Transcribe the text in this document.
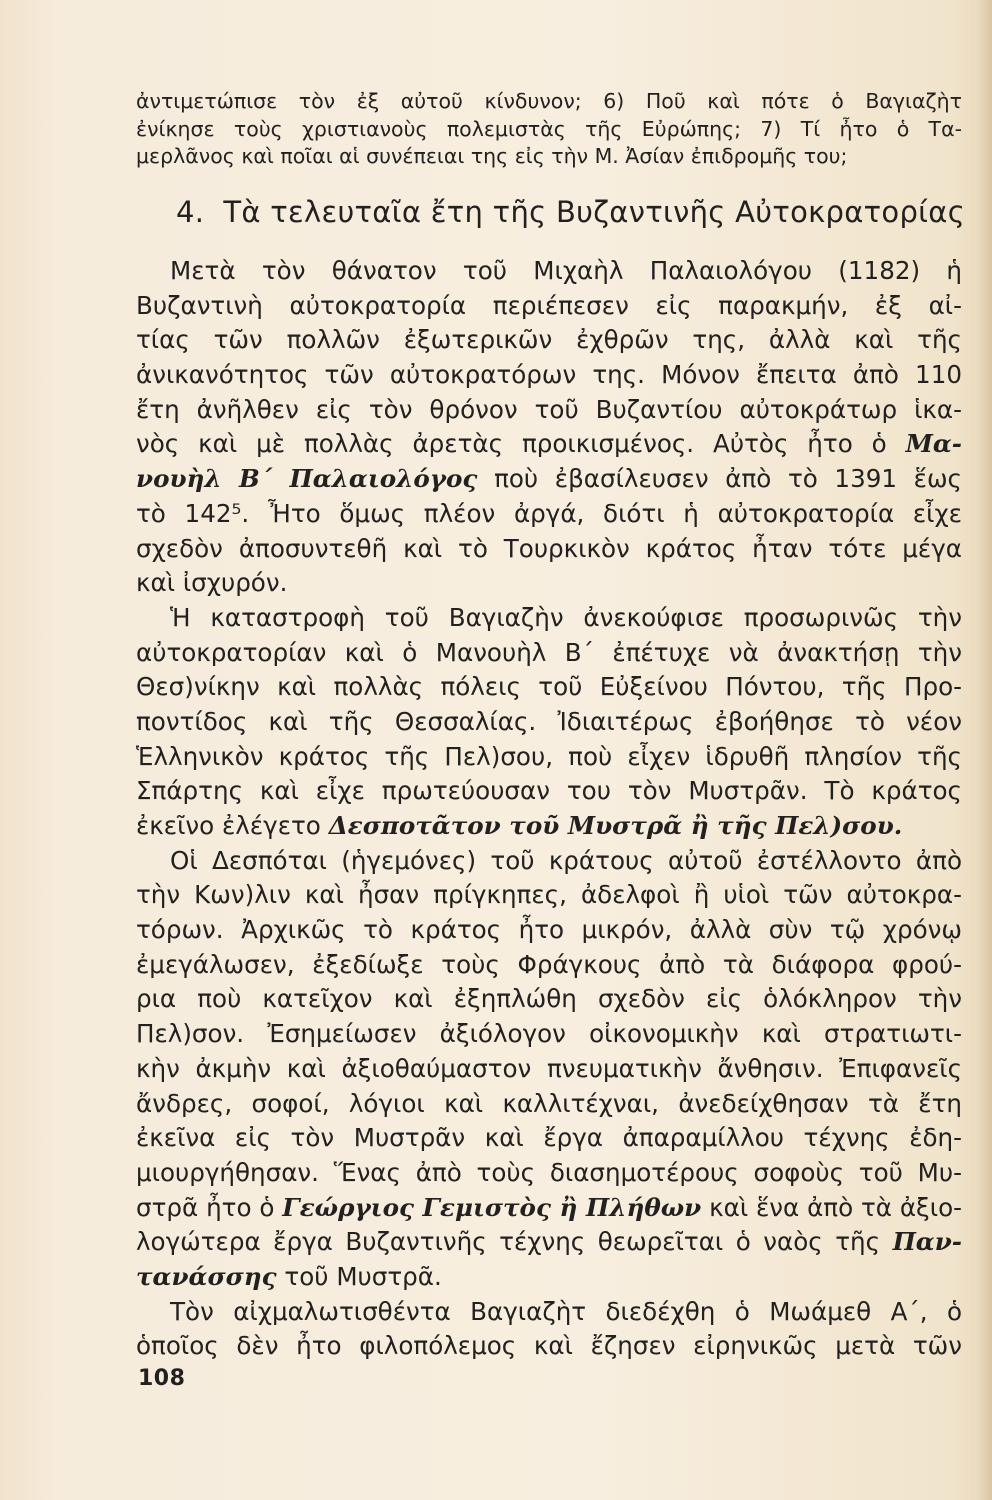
ἀντιμετώπισε τὸν ἐξ αὐτοῦ κίνδυνον; 6) Ποῦ καὶ πότε ὁ Βαγιαζὴτ
ἐνίκησε τοὺς χριστιανοὺς πολεμιστὰς τῆς Εὐρώπης; 7) Τί ἦτο ὁ Τα-
μερλᾶνος καὶ ποῖαι αἱ συνέπειαι της εἰς τὴν Μ. Ἀσίαν ἐπιδρομῆς του;
4. Τὰ τελευταῖα ἔτη τῆς Βυζαντινῆς Αὐτοκρατορίας
Μετὰ τὸν θάνατον τοῦ Μιχαὴλ Παλαιολόγου (1182) ἡ
Βυζαντινὴ αὐτοκρατορία περιέπεσεν εἰς παρακμήν, ἐξ αἰ-
τίας τῶν πολλῶν ἐξωτερικῶν ἐχθρῶν της, ἀλλὰ καὶ τῆς
ἀνικανότητος τῶν αὐτοκρατόρων της. Μόνον ἔπειτα ἀπὸ 110
ἔτη ἀνῆλθεν εἰς τὸν θρόνον τοῦ Βυζαντίου αὐτοκράτωρ ἱκα-
νὸς καὶ μὲ πολλὰς ἀρετὰς προικισμένος. Αὐτὸς ἦτο ὁ Μα-
νουὴλ Β΄ Παλαιολόγος ποὺ ἐβασίλευσεν ἀπὸ τὸ 1391 ἕως
τὸ 142⁵. Ἦτο ὅμως πλέον ἀργά, διότι ἡ αὐτοκρατορία εἶχε
σχεδὸν ἀποσυντεθῆ καὶ τὸ Τουρκικὸν κράτος ἦταν τότε μέγα
καὶ ἰσχυρόν.
Ἡ καταστροφὴ τοῦ Βαγιαζὴν ἀνεκούφισε προσωρινῶς τὴν
αὐτοκρατορίαν καὶ ὁ Μανουὴλ Β΄ ἐπέτυχε νὰ ἀνακτήσῃ τὴν
Θεσ)νίκην καὶ πολλὰς πόλεις τοῦ Εὐξείνου Πόντου, τῆς Προ-
ποντίδος καὶ τῆς Θεσσαλίας. Ἰδιαιτέρως ἐβοήθησε τὸ νέον
Ἑλληνικὸν κράτος τῆς Πελ)σου, ποὺ εἶχεν ἱδρυθῆ πλησίον τῆς
Σπάρτης καὶ εἶχε πρωτεύουσαν του τὸν Μυστρᾶν. Τὸ κράτος
ἐκεῖνο ἐλέγετο Δεσποτᾶτον τοῦ Μυστρᾶ ἢ τῆς Πελ)σου.
Οἱ Δεσπόται (ἡγεμόνες) τοῦ κράτους αὐτοῦ ἐστέλλοντο ἀπὸ
τὴν Κων)λιν καὶ ἦσαν πρίγκηπες, ἀδελφοὶ ἢ υἱοὶ τῶν αὐτοκρα-
τόρων. Ἀρχικῶς τὸ κράτος ἦτο μικρόν, ἀλλὰ σὺν τῷ χρόνῳ
ἐμεγάλωσεν, ἐξεδίωξε τοὺς Φράγκους ἀπὸ τὰ διάφορα φρού-
ρια ποὺ κατεῖχον καὶ ἐξηπλώθη σχεδὸν εἰς ὁλόκληρον τὴν
Πελ)σον. Ἐσημείωσεν ἀξιόλογον οἰκονομικὴν καὶ στρατιωτι-
κὴν ἀκμὴν καὶ ἀξιοθαύμαστον πνευματικὴν ἄνθησιν. Ἐπιφανεῖς
ἄνδρες, σοφοί, λόγιοι καὶ καλλιτέχναι, ἀνεδείχθησαν τὰ ἔτη
ἐκεῖνα εἰς τὸν Μυστρᾶν καὶ ἔργα ἀπαραμίλλου τέχνης ἐδη-
μιουργήθησαν. Ἕνας ἀπὸ τοὺς διασημοτέρους σοφοὺς τοῦ Μυ-
στρᾶ ἦτο ὁ Γεώργιος Γεμιστὸς ἢ Πλήθων καὶ ἕνα ἀπὸ τὰ ἀξιο-
λογώτερα ἔργα Βυζαντινῆς τέχνης θεωρεῖται ὁ ναὸς τῆς Παν-
τανάσσης τοῦ Μυστρᾶ.
Τὸν αἰχμαλωτισθέντα Βαγιαζὴτ διεδέχθη ὁ Μωάμεθ Α΄, ὁ
ὁποῖος δὲν ἦτο φιλοπόλεμος καὶ ἔζησεν εἰρηνικῶς μετὰ τῶν
108
